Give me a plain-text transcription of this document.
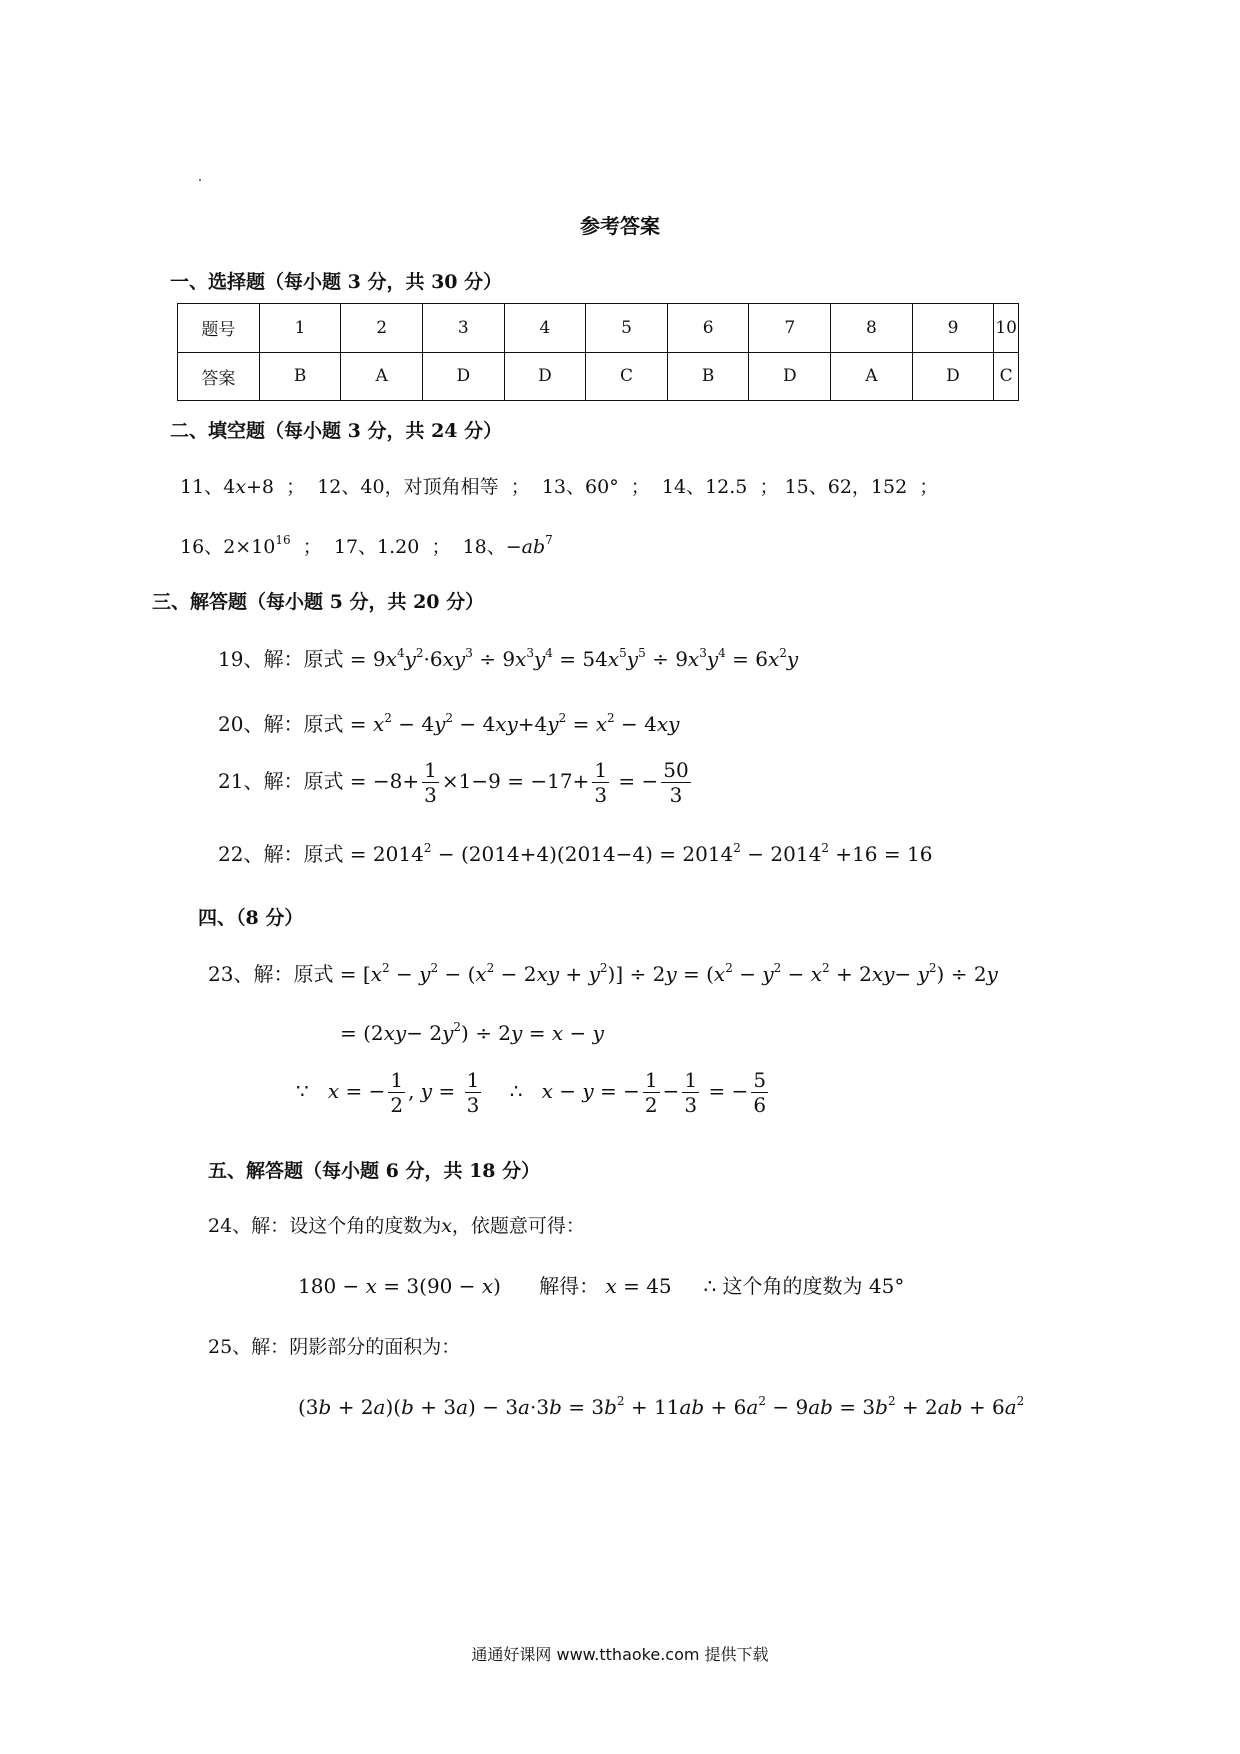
参考答案
一、选择题（每小题 3 分，共 30 分）
题号	1	2	3	4	5	6	7	8	9	10
答案	B	A	D	D	C	B	D	A	D	C
二、填空题（每小题 3 分，共 24 分）
11、4x+8 ； 12、40，对顶角相等 ； 13、60° ； 14、12.5 ； 15、62，152 ；
16、$2\times 10^{16}$ ； 17、1.20 ； 18、$-ab^7$
三、解答题（每小题 5 分，共 20 分）
19、解：原式 = $9x^4y^2\cdot 6xy^3 \div 9x^3y^4 = 54x^5y^5 \div 9x^3y^4 = 6x^2y$
20、解：原式 = $x^2 - 4y^2 - 4xy+4y^2 = x^2 - 4xy$
21、解：原式 = $-8+ \frac{1}{3} \times 1-9 = -17+ \frac{1}{3}$ = − $\frac{50}{3}$
22、解：原式 = $2014^2 - (2014+4)(2014-4) = 2014^2 - 2014^2 +16 = 16$
四、（8 分）
23、解：原式 = $[x^2 - y^2 - (x^2 - 2xy + y^2)] \div 2y = (x^2 - y^2 - x^2 + 2xy- y^2) \div 2y$
= $(2xy- 2y^2) \div 2y = x - y$
∵ x = − $\frac{1}{2}$ , $y = \frac{1}{3}$ ∴ x − y = − $\frac{1}{2} - \frac{1}{3}$ = − $\frac{5}{6}$
五、解答题（每小题 6 分，共 18 分）
24、解：设这个角的度数为x，依题意可得：
180 − x = 3(90 − x)      解得： x = 45     ∴ 这个角的度数为 45°
25、解：阴影部分的面积为：
$(3b + 2a)(b + 3a) - 3a\cdot 3b = 3b^2 + 11ab + 6a^2 - 9ab = 3b^2 + 2ab + 6a^2$
通通好课网 www.tthaoke.com 提供下载
